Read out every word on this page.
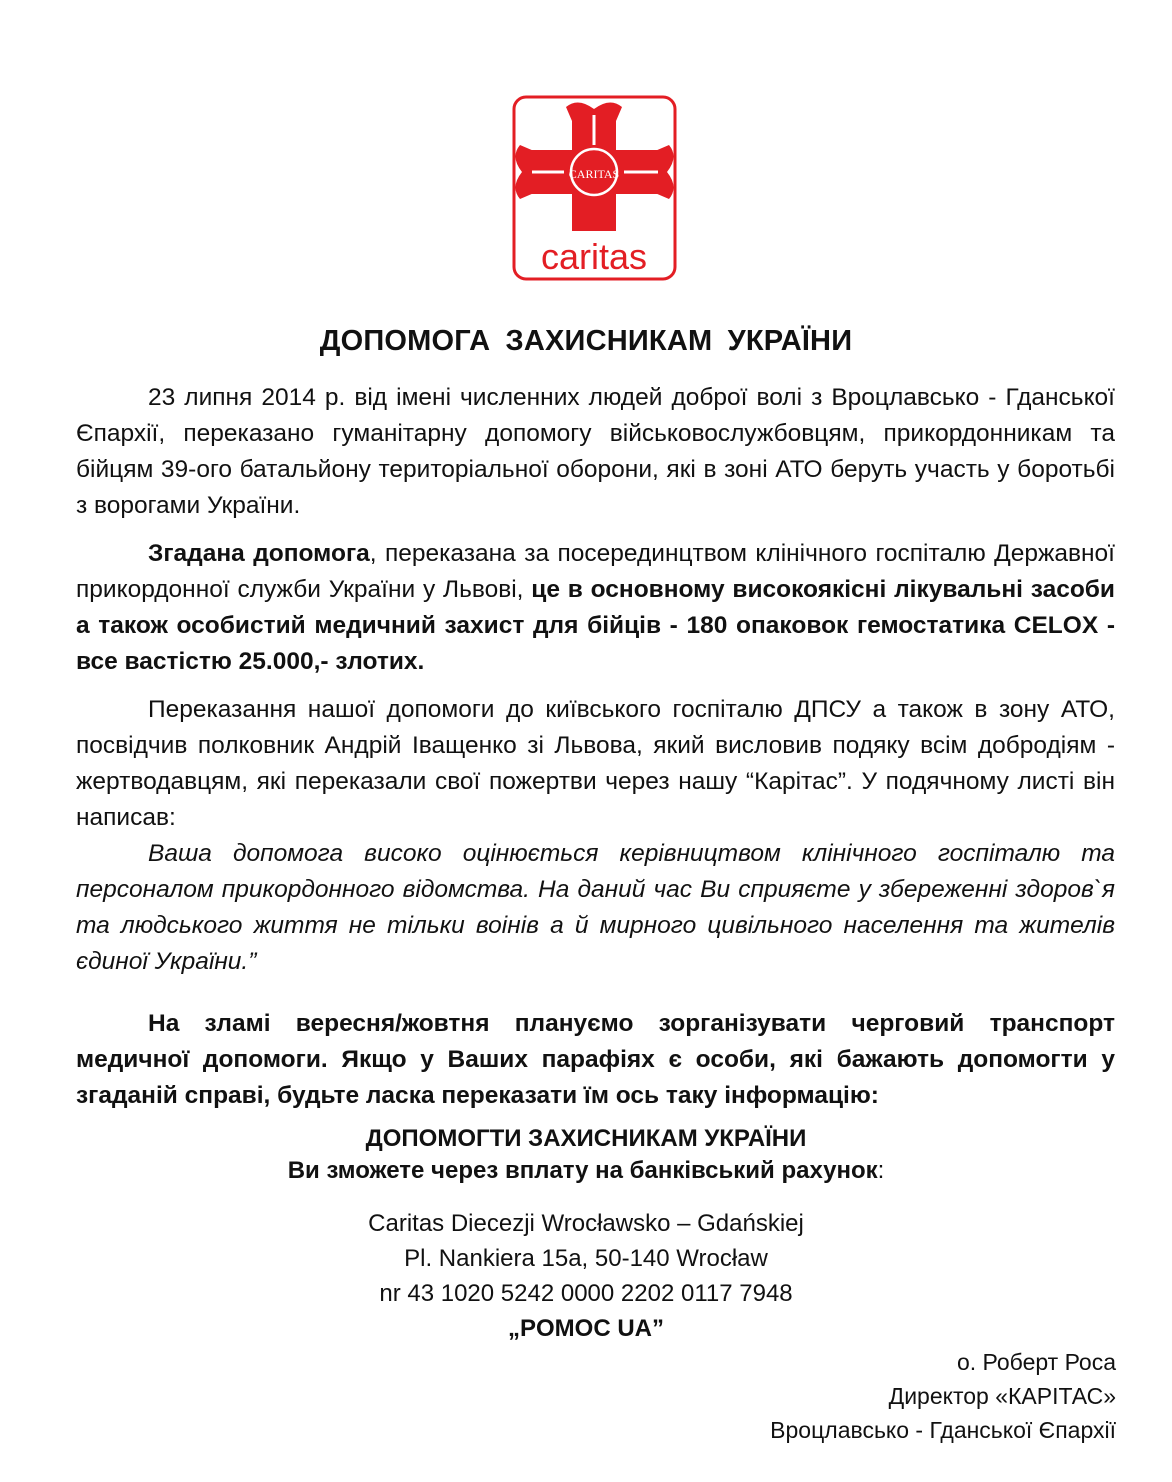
CARITAS
caritas
ДОПОМОГА ЗАХИСНИКАМ УКРАЇНИ

23 липня 2014 р. від імені численних людей доброї волі з Вроцлавсько - Гданської Єпархії, переказано гуманітарну допомогу військовослужбовцям, прикордонникам та бійцям 39-ого батальйону територіальної оборони, які в зоні АТО беруть участь у боротьбі з ворогами України.

Згадана допомога, переказана за посерединцтвом клінічного госпіталю Державної прикордонної служби України у Львові, це в основному високоякісні лікувальні засоби а також особистий медичний захист для бійців - 180 опаковок гемостатика CELOX - все вастістю 25.000,- злотих.

Переказання нашої допомоги до київського госпіталю ДПСУ а також в зону АТО, посвідчив полковник Андрій Іващенко зі Львова, який висловив подяку всім добродіям - жертводавцям, які переказали свої пожертви через нашу “Карітас”. У подячному листі він написав:

Ваша допомога високо оцінюється керівництвом клінічного госпіталю та персоналом прикордонного відомства. На даний час Ви сприяєте у збереженні здоров`я та людського життя не тільки воінів а й мирного цивільного населення та жителів єдиної України.”

На зламі вересня/жовтня плануємо зорганізувати черговий транспорт медичної допомоги. Якщо у Ваших парафіях є особи, які бажають допомогти у згаданій справі, будьте ласка переказати їм ось таку інформацію:

ДОПОМОГТИ ЗАХИСНИКАМ УКРАЇНИ
Ви зможете через вплату на банківський рахунок:
Caritas Diecezji Wrocławsko – Gdańskiej
Pl. Nankiera 15a, 50-140 Wrocław
nr 43 1020 5242 0000 2202 0117 7948
„POMOC UA”
о. Роберт Роса
Директор «КАРІТАС»
Вроцлавсько - Гданської Єпархії
